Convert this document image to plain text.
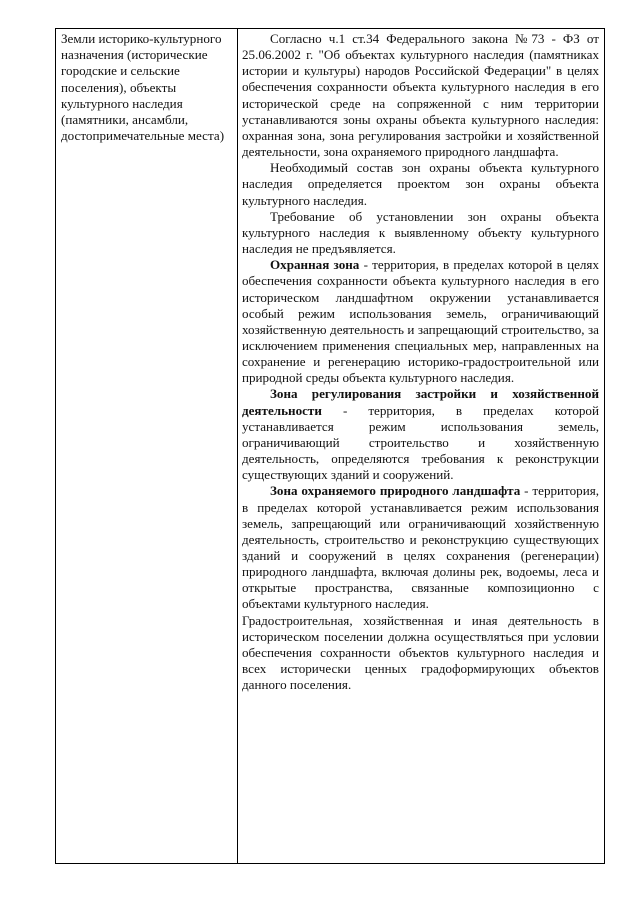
Земли историко-культурного назначения (исторические городские и сельские поселения), объекты культурного наследия (памятники, ансамбли, достопримечательные места)

Согласно ч.1 ст.34 Федерального закона №73 - ФЗ от 25.06.2002 г. "Об объектах культурного наследия (памятниках истории и культуры) народов Российской Федерации" в целях обеспечения сохранности объекта культурного наследия в его исторической среде на сопряженной с ним территории устанавливаются зоны охраны объекта культурного наследия: охранная зона, зона регулирования застройки и хозяйственной деятельности, зона охраняемого природного ландшафта.

Необходимый состав зон охраны объекта культурного наследия определяется проектом зон охраны объекта культурного наследия.

Требование об установлении зон охраны объекта культурного наследия к выявленному объекту культурного наследия не предъявляется.

Охранная зона - территория, в пределах которой в целях обеспечения сохранности объекта культурного наследия в его историческом ландшафтном окружении устанавливается особый режим использования земель, ограничивающий хозяйственную деятельность и запрещающий строительство, за исключением применения специальных мер, направленных на сохранение и регенерацию историко-градостроительной или природной среды объекта культурного наследия.

Зона регулирования застройки и хозяйственной деятельности - территория, в пределах которой устанавливается режим использования земель, ограничивающий строительство и хозяйственную деятельность, определяются требования к реконструкции существующих зданий и сооружений.

Зона охраняемого природного ландшафта - территория, в пределах которой устанавливается режим использования земель, запрещающий или ограничивающий хозяйственную деятельность, строительство и реконструкцию существующих зданий и сооружений в целях сохранения (регенерации) природного ландшафта, включая долины рек, водоемы, леса и открытые пространства, связанные композиционно с объектами культурного наследия.

Градостроительная, хозяйственная и иная деятельность в историческом поселении должна осуществляться при условии обеспечения сохранности объектов культурного наследия и всех исторически ценных градоформирующих объектов данного поселения.
